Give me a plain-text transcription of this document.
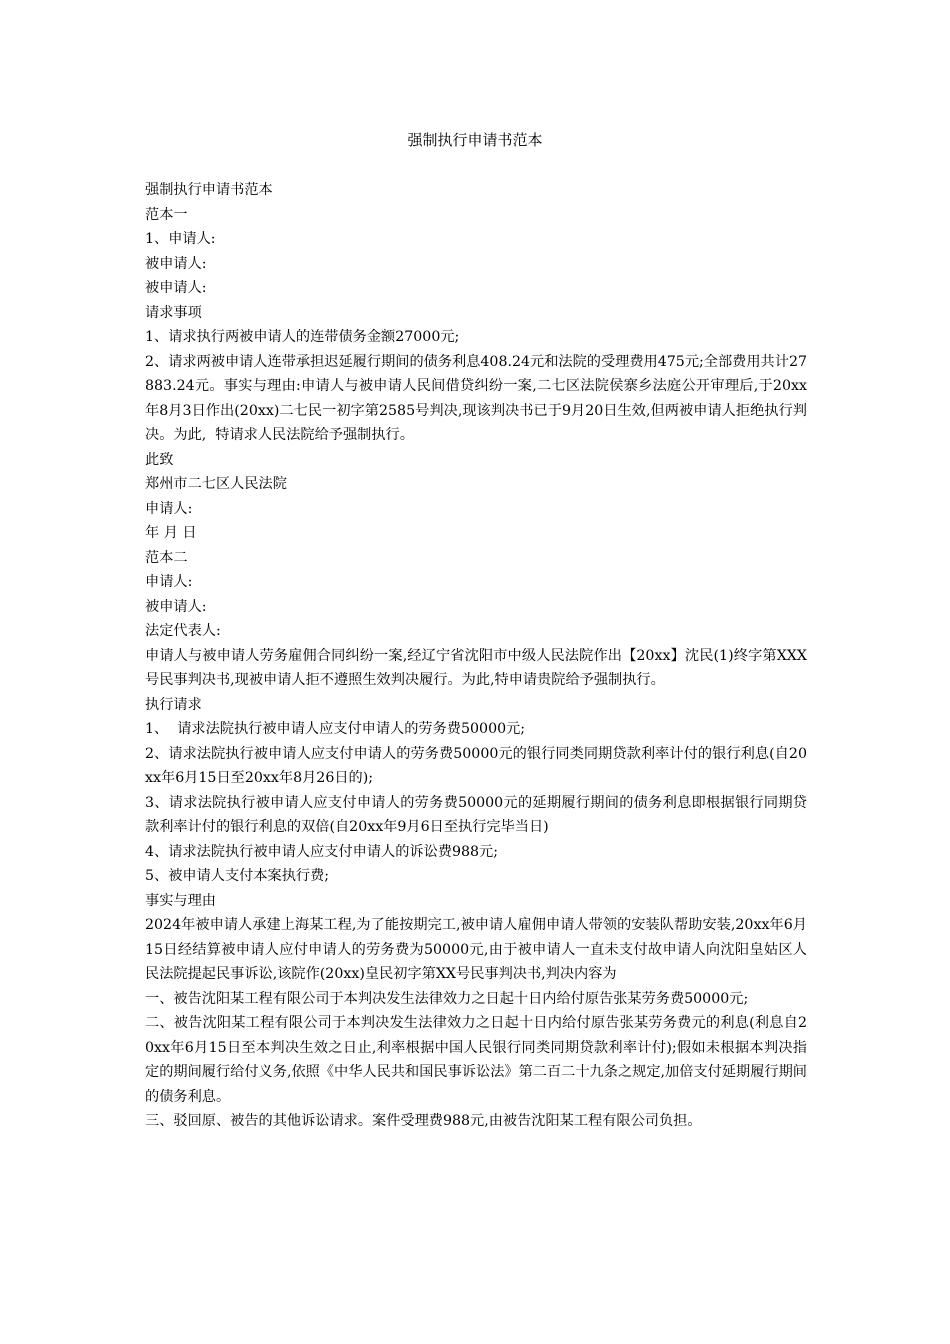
强制执行申请书范本

强制执行申请书范本

范本一

1、申请人:

被申请人:

被申请人:

请求事项

1、请求执行两被申请人的连带债务金额27000元;

2、请求两被申请人连带承担迟延履行期间的债务利息408.24元和法院的受理费用475元;全部费用共计27883.24元。事实与理由:申请人与被申请人民间借贷纠纷一案,二七区法院侯寨乡法庭公开审理后,于20xx年8月3日作出(20xx)二七民一初字第2585号判决,现该判决书已于9月20日生效,但两被申请人拒绝执行判决。为此,  特请求人民法院给予强制执行。

此致

郑州市二七区人民法院

申请人:

年 月 日

范本二

申请人:

被申请人:

法定代表人:

申请人与被申请人劳务雇佣合同纠纷一案,经辽宁省沈阳市中级人民法院作出【20xx】沈民(1)终字第XXX号民事判决书,现被申请人拒不遵照生效判决履行。为此,特申请贵院给予强制执行。

执行请求

1、  请求法院执行被申请人应支付申请人的劳务费50000元;

2、请求法院执行被申请人应支付申请人的劳务费50000元的银行同类同期贷款利率计付的银行利息(自20xx年6月15日至20xx年8月26日的);

3、请求法院执行被申请人应支付申请人的劳务费50000元的延期履行期间的债务利息即根据银行同期贷款利率计付的银行利息的双倍(自20xx年9月6日至执行完毕当日)

4、请求法院执行被申请人应支付申请人的诉讼费988元;

5、被申请人支付本案执行费;

事实与理由

2024年被申请人承建上海某工程,为了能按期完工,被申请人雇佣申请人带领的安装队帮助安装,20xx年6月15日经结算被申请人应付申请人的劳务费为50000元,由于被申请人一直未支付故申请人向沈阳皇姑区人民法院提起民事诉讼,该院作(20xx)皇民初字第XX号民事判决书,判决内容为

一、被告沈阳某工程有限公司于本判决发生法律效力之日起十日内给付原告张某劳务费50000元;

二、被告沈阳某工程有限公司于本判决发生法律效力之日起十日内给付原告张某劳务费元的利息(利息自20xx年6月15日至本判决生效之日止,利率根据中国人民银行同类同期贷款利率计付);假如未根据本判决指定的期间履行给付义务,依照《中华人民共和国民事诉讼法》第二百二十九条之规定,加倍支付延期履行期间的债务利息。

三、驳回原、被告的其他诉讼请求。案件受理费988元,由被告沈阳某工程有限公司负担。
